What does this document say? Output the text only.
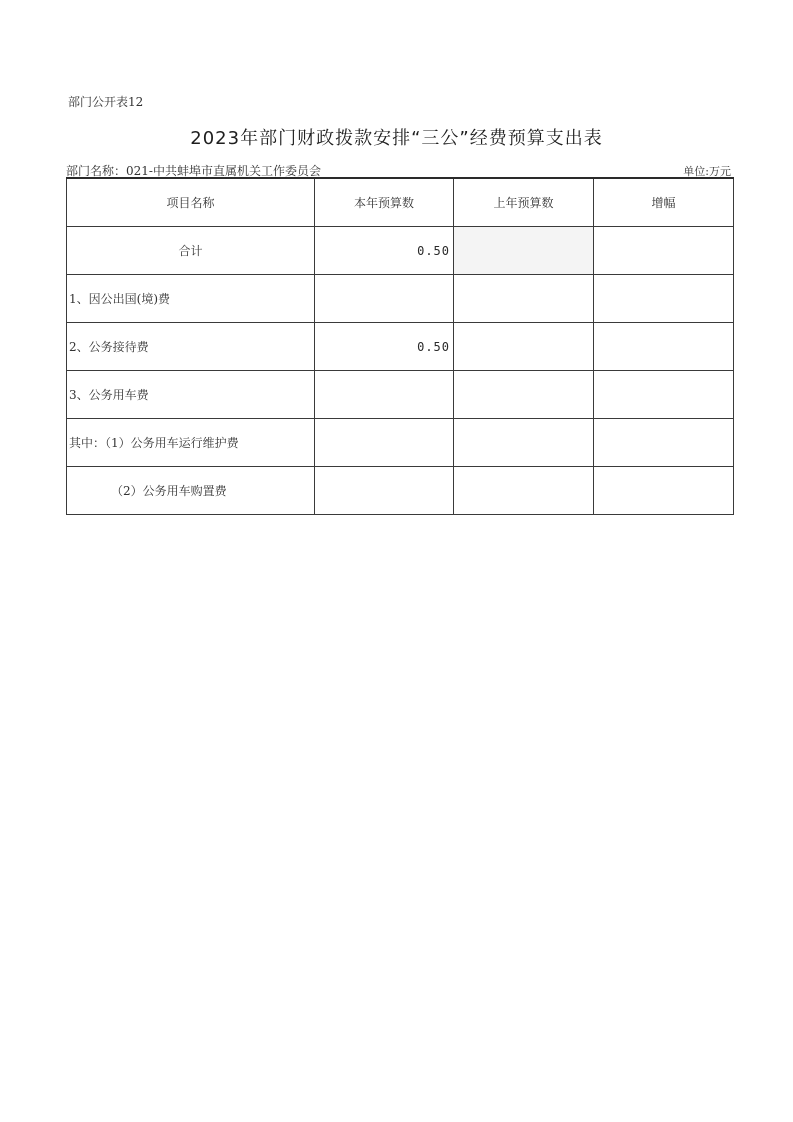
部门公开表12
2023年部门财政拨款安排“三公”经费预算支出表
部门名称：021-中共蚌埠市直属机关工作委员会	单位:万元
项目名称	本年预算数	上年预算数	增幅
合计	0.50		
1、因公出国(境)费			
2、公务接待费	0.50		
3、公务用车费			
其中：（1）公务用车运行维护费			
（2）公务用车购置费			
